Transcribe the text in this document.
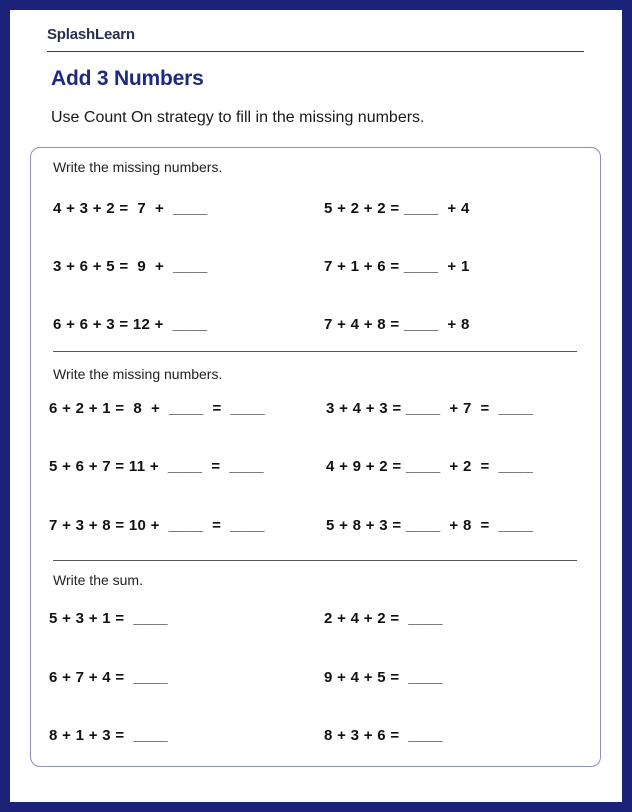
SplashLearn
Add 3 Numbers
Use Count On strategy to fill in the missing numbers.
Write the missing numbers.
4 + 3 + 2 =  7  +  ____	5 + 2 + 2 = ____  + 4
3 + 6 + 5 =  9  +  ____	7 + 1 + 6 = ____  + 1
6 + 6 + 3 = 12 +  ____	7 + 4 + 8 = ____  + 8
Write the missing numbers.
6 + 2 + 1 =  8  +  ____  =  ____	3 + 4 + 3 = ____  + 7  =  ____
5 + 6 + 7 = 11 +  ____  =  ____	4 + 9 + 2 = ____  + 2  =  ____
7 + 3 + 8 = 10 +  ____  =  ____	5 + 8 + 3 = ____  + 8  =  ____
Write the sum.
5 + 3 + 1 =  ____	2 + 4 + 2 =  ____
6 + 7 + 4 =  ____	9 + 4 + 5 =  ____
8 + 1 + 3 =  ____	8 + 3 + 6 =  ____
